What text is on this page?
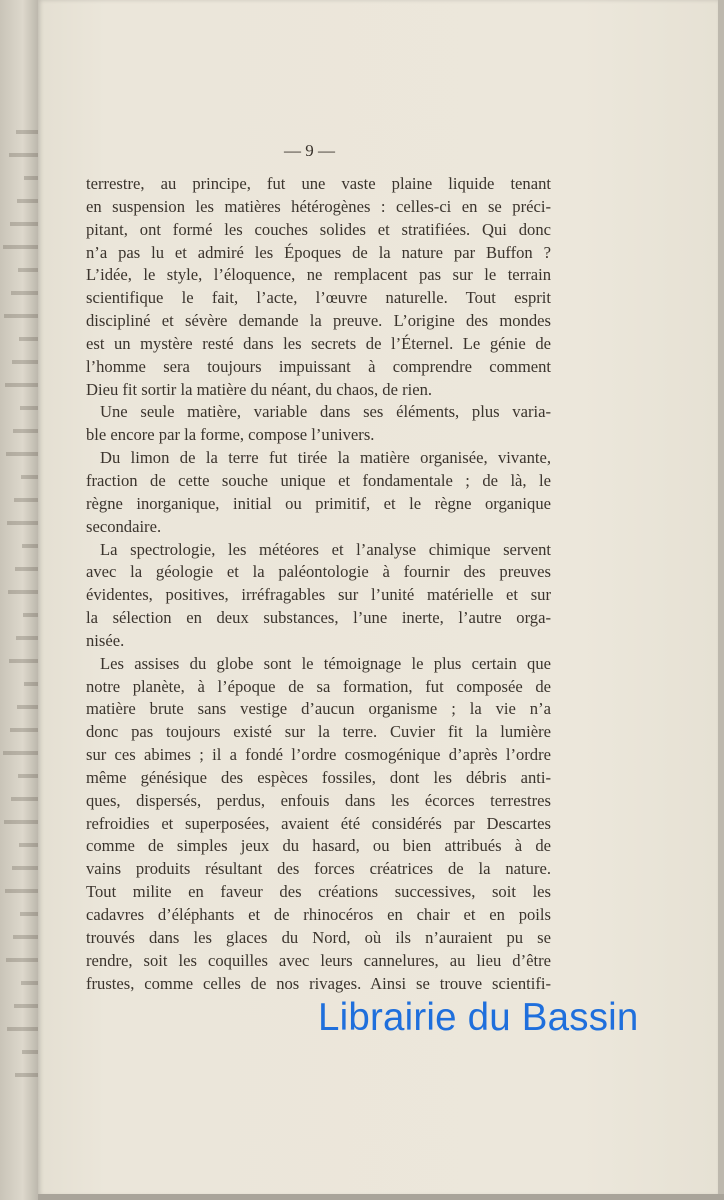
— 9 —
terrestre, au principe, fut une vaste plaine liquide tenant
en suspension les matières hétérogènes : celles-ci en se préci-
pitant, ont formé les couches solides et stratifiées. Qui donc
n’a pas lu et admiré les Époques de la nature par Buffon ?
L’idée, le style, l’éloquence, ne remplacent pas sur le terrain
scientifique le fait, l’acte, l’œuvre naturelle. Tout esprit
discipliné et sévère demande la preuve. L’origine des mondes
est un mystère resté dans les secrets de l’Éternel. Le génie de
l’homme sera toujours impuissant à comprendre comment
Dieu fit sortir la matière du néant, du chaos, de rien.
Une seule matière, variable dans ses éléments, plus varia-
ble encore par la forme, compose l’univers.
Du limon de la terre fut tirée la matière organisée, vivante,
fraction de cette souche unique et fondamentale ; de là, le
règne inorganique, initial ou primitif, et le règne organique
secondaire.
La spectrologie, les météores et l’analyse chimique servent
avec la géologie et la paléontologie à fournir des preuves
évidentes, positives, irréfragables sur l’unité matérielle et sur
la sélection en deux substances, l’une inerte, l’autre orga-
nisée.
Les assises du globe sont le témoignage le plus certain que
notre planète, à l’époque de sa formation, fut composée de
matière brute sans vestige d’aucun organisme ; la vie n’a
donc pas toujours existé sur la terre. Cuvier fit la lumière
sur ces abimes ; il a fondé l’ordre cosmogénique d’après l’ordre
même génésique des espèces fossiles, dont les débris anti-
ques, dispersés, perdus, enfouis dans les écorces terrestres
refroidies et superposées, avaient été considérés par Descartes
comme de simples jeux du hasard, ou bien attribués à de
vains produits résultant des forces créatrices de la nature.
Tout milite en faveur des créations successives, soit les
cadavres d’éléphants et de rhinocéros en chair et en poils
trouvés dans les glaces du Nord, où ils n’auraient pu se
rendre, soit les coquilles avec leurs cannelures, au lieu d’être
frustes, comme celles de nos rivages. Ainsi se trouve scientifi-
Librairie du Bassin
